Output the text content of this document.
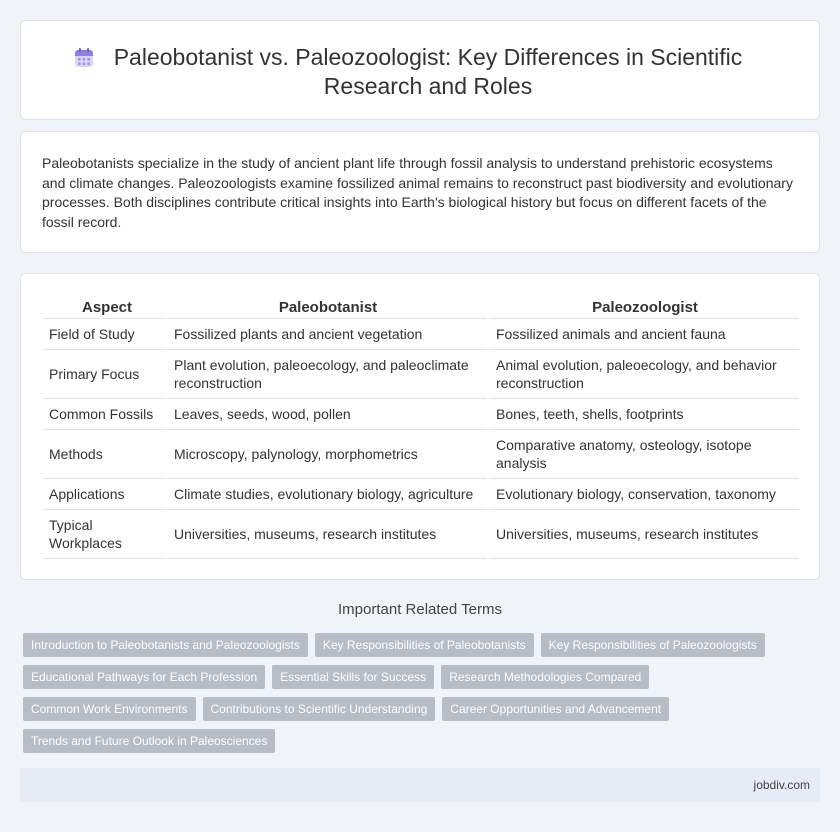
Paleobotanist vs. Paleozoologist: Key Differences in Scientific Research and Roles

Paleobotanists specialize in the study of ancient plant life through fossil analysis to understand prehistoric ecosystems and climate changes. Paleozoologists examine fossilized animal remains to reconstruct past biodiversity and evolutionary processes. Both disciplines contribute critical insights into Earth's biological history but focus on different facets of the fossil record.

Aspect	Paleobotanist	Paleozoologist
Field of Study	Fossilized plants and ancient vegetation	Fossilized animals and ancient fauna
Primary Focus	Plant evolution, paleoecology, and paleoclimate reconstruction	Animal evolution, paleoecology, and behavior reconstruction
Common Fossils	Leaves, seeds, wood, pollen	Bones, teeth, shells, footprints
Methods	Microscopy, palynology, morphometrics	Comparative anatomy, osteology, isotope analysis
Applications	Climate studies, evolutionary biology, agriculture	Evolutionary biology, conservation, taxonomy
Typical Workplaces	Universities, museums, research institutes	Universities, museums, research institutes
Important Related Terms
Introduction to Paleobotanists and Paleozoologists	Key Responsibilities of Paleobotanists	Key Responsibilities of Paleozoologists
Educational Pathways for Each Profession	Essential Skills for Success	Research Methodologies Compared
Common Work Environments	Contributions to Scientific Understanding	Career Opportunities and Advancement
Trends and Future Outlook in Paleosciences
jobdiv.com
